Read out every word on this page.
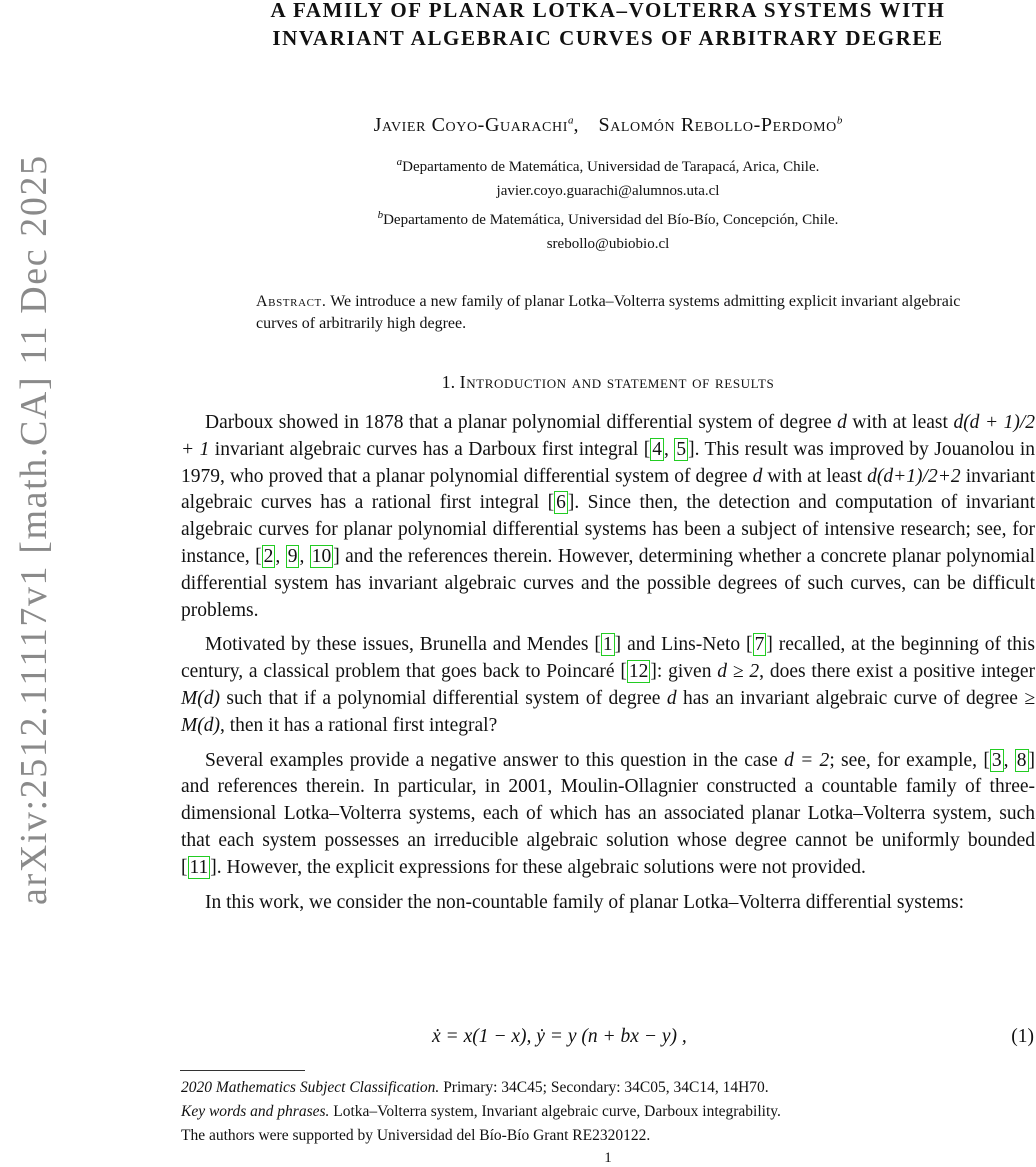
arXiv:2512.11117v1 [math.CA] 11 Dec 2025
A FAMILY OF PLANAR LOTKA–VOLTERRA SYSTEMS WITH
INVARIANT ALGEBRAIC CURVES OF ARBITRARY DEGREE
Javier Coyo-Guarachi$^a$,    Salomón Rebollo-Perdomo$^b$
$^a$Departamento de Matemática, Universidad de Tarapacá, Arica, Chile.
javier.coyo.guarachi@alumnos.uta.cl
$^b$Departamento de Matemática, Universidad del Bío-Bío, Concepción, Chile.
srebollo@ubiobio.cl
Abstract. We introduce a new family of planar Lotka–Volterra systems admitting explicit invariant algebraic curves of arbitrarily high degree.
1. Introduction and statement of results

Darboux showed in 1878 that a planar polynomial differential system of degree d with at least d(d + 1)/2 + 1 invariant algebraic curves has a Darboux first integral [ 4 , 5 ]. This result was improved by Jouanolou in 1979, who proved that a planar polynomial differential system of degree d with at least d(d+1)/2+2 invariant algebraic curves has a rational first integral [ 6 ]. Since then, the detection and computation of invariant algebraic curves for planar polynomial differential systems has been a subject of intensive research; see, for instance, [ 2 , 9 , 10 ] and the references therein. However, determining whether a concrete planar polynomial differential system has invariant algebraic curves and the possible degrees of such curves, can be difficult problems.

Motivated by these issues, Brunella and Mendes [ 1 ] and Lins-Neto [ 7 ] recalled, at the beginning of this century, a classical problem that goes back to Poincaré [ 12 ]: given d ≥ 2, does there exist a positive integer M(d) such that if a polynomial differential system of degree d has an invariant algebraic curve of degree ≥ M(d), then it has a rational first integral?

Several examples provide a negative answer to this question in the case d = 2; see, for example, [ 3 , 8 ] and references therein. In particular, in 2001, Moulin-Ollagnier constructed a countable family of three-dimensional Lotka–Volterra systems, each of which has an associated planar Lotka–Volterra system, such that each system possesses an irreducible algebraic solution whose degree cannot be uniformly bounded [ 11 ]. However, the explicit expressions for these algebraic solutions were not provided.

In this work, we consider the non-countable family of planar Lotka–Volterra differential systems:

ẋ = x(1 − x), ẏ = y (n + bx − y) ,	(1)
2020 Mathematics Subject Classification. Primary: 34C45; Secondary: 34C05, 34C14, 14H70.
Key words and phrases. Lotka–Volterra system, Invariant algebraic curve, Darboux integrability.
The authors were supported by Universidad del Bío-Bío Grant RE2320122.
1
